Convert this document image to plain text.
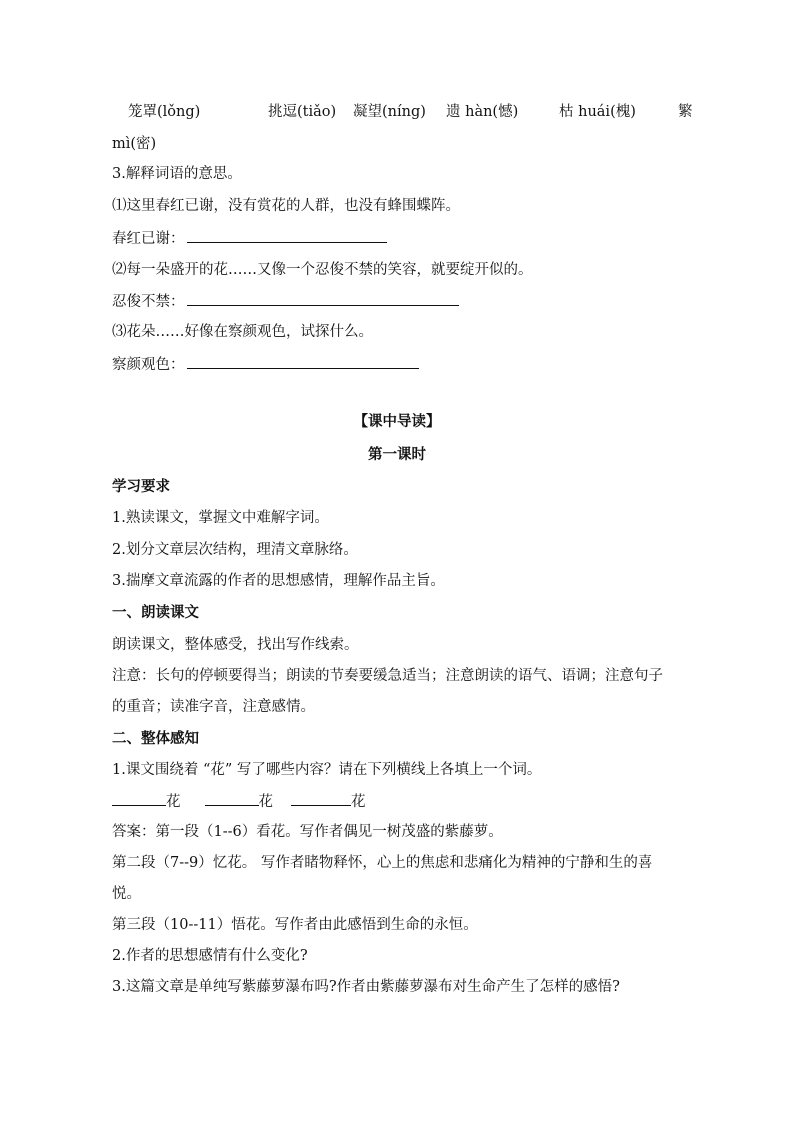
笼罩(lǒng)	挑逗(tiǎo) 凝望(níng) 遗 hàn(憾)	枯 huái(槐)	繁
mì(密)
3.解释词语的意思。
⑴这里春红已谢，没有赏花的人群，也没有蜂围蝶阵。
春红已谢：
⑵每一朵盛开的花……又像一个忍俊不禁的笑容，就要绽开似的。
忍俊不禁：
⑶花朵……好像在察颜观色，试探什么。
察颜观色：
【课中导读】
第一课时
学习要求
1.熟读课文，掌握文中难解字词。
2.划分文章层次结构，理清文章脉络。
3.揣摩文章流露的作者的思想感情，理解作品主旨。
一、朗读课文
朗读课文，整体感受，找出写作线索。
注意：长句的停顿要得当；朗读的节奏要缓急适当；注意朗读的语气、语调；注意句子
的重音；读准字音，注意感情。
二、整体感知
1.课文围绕着 “花” 写了哪些内容？请在下列横线上各填上一个词。
花	花	花
答案：第一段（1--6）看花。写作者偶见一树茂盛的紫藤萝。
第二段（7--9）忆花。 写作者睹物释怀，心上的焦虑和悲痛化为精神的宁静和生的喜
悦。
第三段（10--11）悟花。写作者由此感悟到生命的永恒。
2.作者的思想感情有什么变化?
3.这篇文章是单纯写紫藤萝瀑布吗?作者由紫藤萝瀑布对生命产生了怎样的感悟?
